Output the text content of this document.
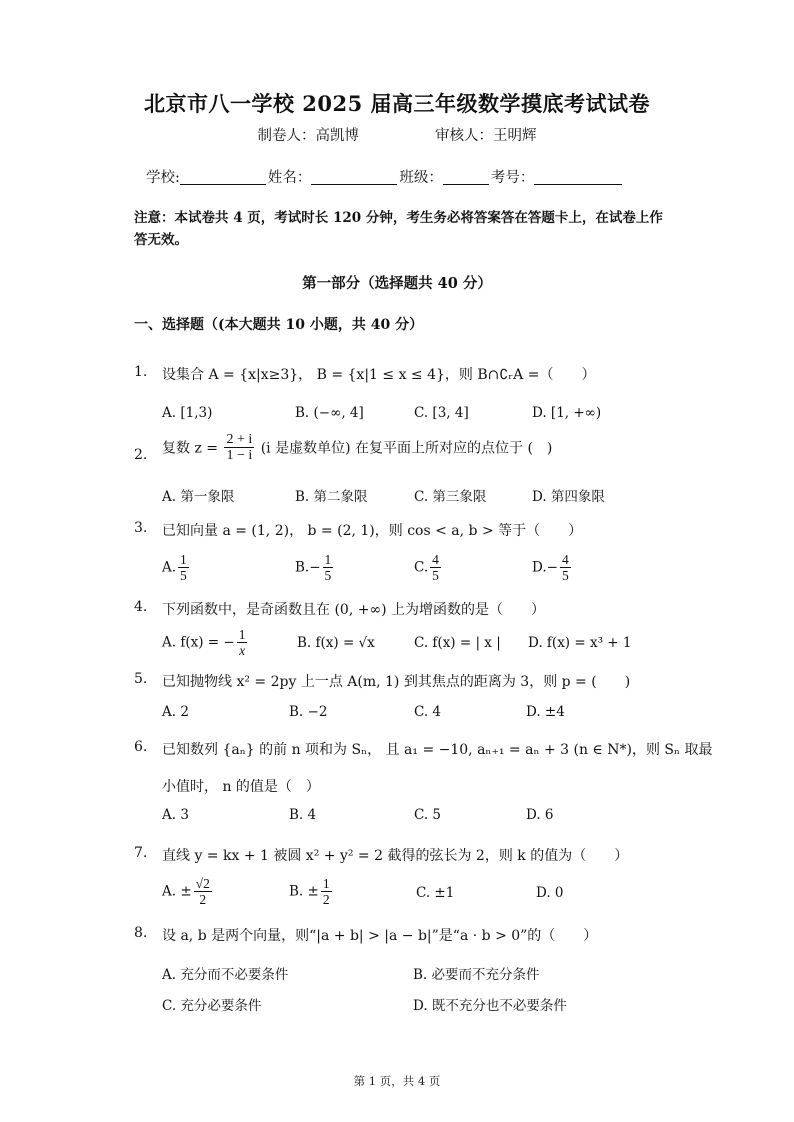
北京市八一学校 2025 届高三年级数学摸底考试试卷
制卷人：高凯博	审核人：王明辉
学校:	姓名：	班级：	考号：
注意：本试卷共 4 页，考试时长 120 分钟，考生务必将答案答在答题卡上，在试卷上作答无效。
第一部分（选择题共 40 分）
一、选择题（(本大题共 10 小题，共 40 分）
1. 设集合 A = {x|x≥3}， B = {x|1 ≤ x ≤ 4}，则 B∩∁ᵣA =（　　）
A. [1,3)	B. (−∞, 4]	C. [3, 4]	D. [1, +∞)
2. 复数 $z = \frac{2 + i}{1 - i} (i$ 是虚数单位) 在复平面上所对应的点位于 (　)
A. 第一象限	B. 第二象限	C. 第三象限	D. 第四象限
3. 已知向量 a = (1, 2)， b = (2, 1)，则 cos < a, b > 等于（　　）
A. $\frac{1}{5}$	$B.- \frac{1}{5}$	C. $\frac{4}{5}$	$D.- \frac{4}{5}$
4. 下列函数中，是奇函数且在 (0, +∞) 上为增函数的是（　　）
A. f(x) = − $\frac{1}{x}$	B. f(x) = √x	C. f(x) = | x | D. f(x) = x³ + 1
5. 已知抛物线 x² = 2py 上一点 A(m, 1) 到其焦点的距离为 3，则 p = (　　)
A. 2	B. −2	C. 4	D. ±4
6. 已知数列 {aₙ} 的前 n 项和为 Sₙ， 且 a₁ = −10, aₙ₊₁ = aₙ + 3 (n ∈ N*)，则 Sₙ 取最
小值时， n 的值是（　）
A. 3	B. 4	C. 5	D. 6
7. 直线 y = kx + 1 被圆 x² + y² = 2 截得的弦长为 2，则 k 的值为（　　）
A. ± $\frac{√2}{2}$	B. ± $\frac{1}{2}$	C. ±1	D. 0
8. 设 a, b 是两个向量，则“|a + b| > |a − b|”是“a · b > 0”的（　　）
A. 充分而不必要条件	B. 必要而不充分条件
C. 充分必要条件	D. 既不充分也不必要条件
第 1 页，共 4 页
